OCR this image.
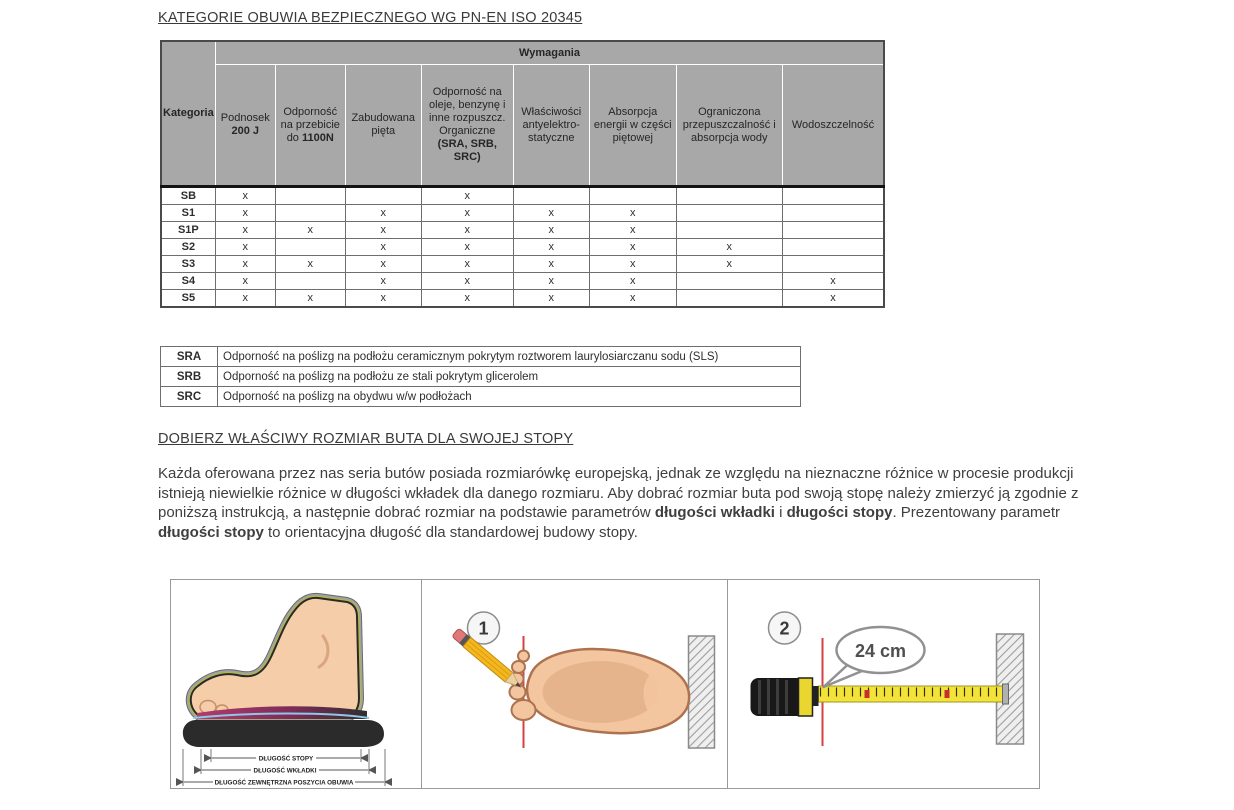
KATEGORIE OBUWIA BEZPIECZNEGO WG PN-EN ISO 20345
Kategoria	Wymagania							
	Podnosek 200 J	Odporność na przebicie do 1100N	Zabudowana pięta	Odporność na oleje, benzynę i inne rozpuszcz. Organiczne (SRA, SRB, SRC)	Właściwości antyelektro-statyczne	Absorpcja energii w części piętowej	Ograniczona przepuszczalność i absorpcja wody	Wodoszczelność
SB	x			x				
S1	x		x	x	x	x		
S1P	x	x	x	x	x	x		
S2	x		x	x	x	x	x	
S3	x	x	x	x	x	x	x	
S4	x		x	x	x	x		x
S5	x	x	x	x	x	x		x
SRA	Odporność na poślizg na podłożu ceramicznym pokrytym roztworem laurylosiarczanu sodu (SLS)
SRB	Odporność na poślizg na podłożu ze stali pokrytym glicerolem
SRC	Odporność na poślizg na obydwu w/w podłożach
DOBIERZ WŁAŚCIWY ROZMIAR BUTA DLA SWOJEJ STOPY

Każda oferowana przez nas seria butów posiada rozmiarówkę europejską, jednak ze względu na nieznaczne różnice w procesie produkcji istnieją niewielkie różnice w długości wkładek dla danego rozmiaru. Aby dobrać rozmiar buta pod swoją stopę należy zmierzyć ją zgodnie z poniższą instrukcją, a następnie dobrać rozmiar na podstawie parametrów długości wkładki i długości stopy. Prezentowany parametr długości stopy to orientacyjna długość dla standardowej budowy stopy.

DŁUGOŚĆ STOPY
DŁUGOŚĆ WKŁADKI
DŁUGOŚĆ ZEWNĘTRZNA POSZYCIA OBUWIA
1	2
24 cm
